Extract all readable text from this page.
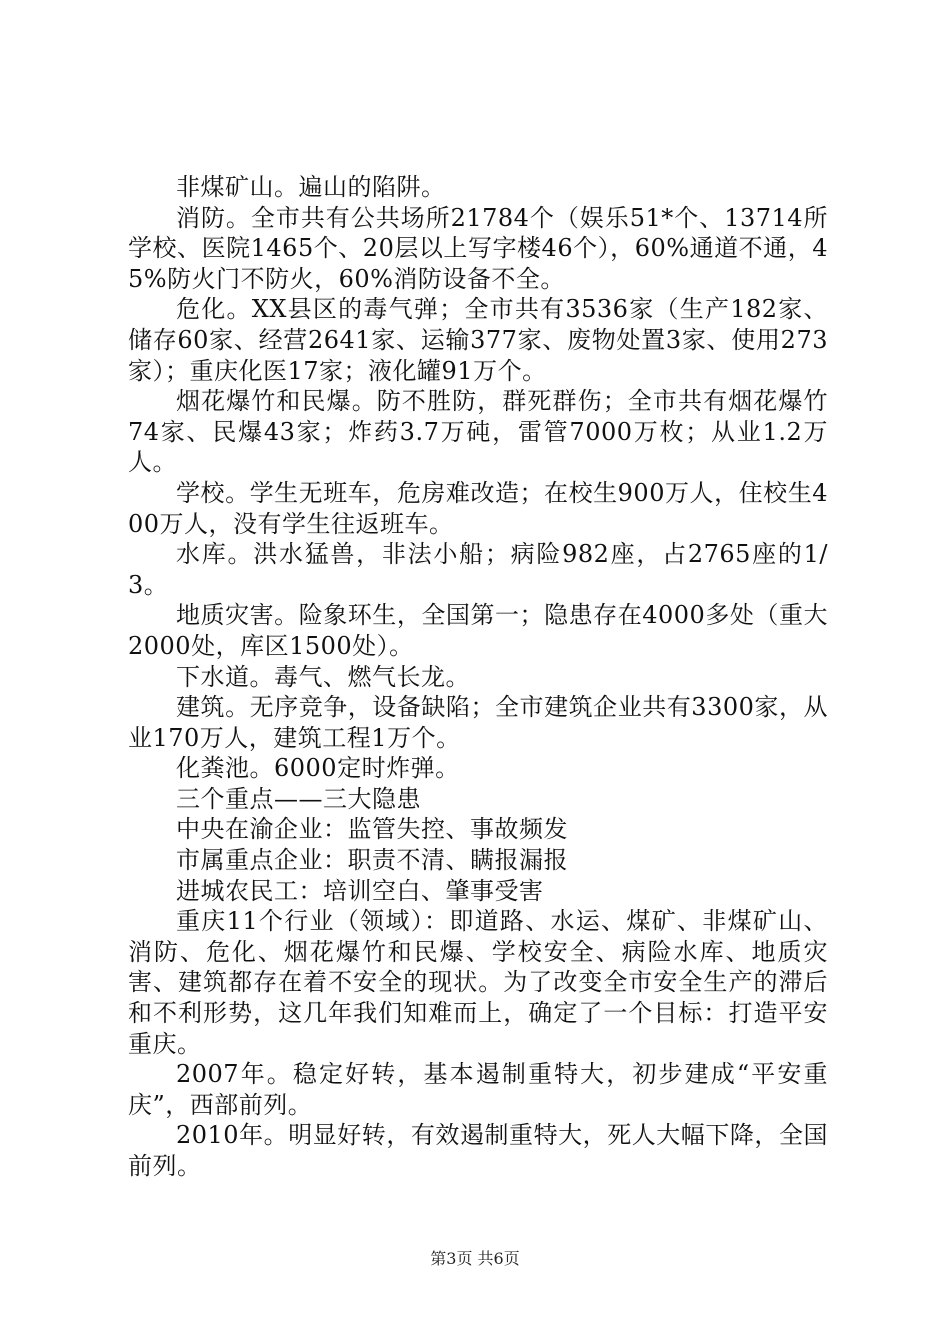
非煤矿山。遍山的陷阱。

消防。全市共有公共场所21784个（娱乐51*个、13714所学校、医院1465个、20层以上写字楼46个），60%通道不通，45%防火门不防火，60%消防设备不全。

危化。XX县区的毒气弹；全市共有3536家（生产182家、储存60家、经营2641家、运输377家、废物处置3家、使用273家）；重庆化医17家；液化罐91万个。

烟花爆竹和民爆。防不胜防，群死群伤；全市共有烟花爆竹74家、民爆43家；炸药3.7万砘，雷管7000万枚；从业1.2万人。

学校。学生无班车，危房难改造；在校生900万人，住校生400万人，没有学生往返班车。

水库。洪水猛兽，非法小船；病险982座，占2765座的1/3。

地质灾害。险象环生，全国第一；隐患存在4000多处（重大2000处，库区1500处）。

下水道。毒气、燃气长龙。

建筑。无序竞争，设备缺陷；全市建筑企业共有3300家，从业170万人，建筑工程1万个。

化粪池。6000定时炸弹。

三个重点——三大隐患

中央在渝企业：监管失控、事故频发

市属重点企业：职责不清、瞒报漏报

进城农民工：培训空白、肇事受害

重庆11个行业（领域）：即道路、水运、煤矿、非煤矿山、消防、危化、烟花爆竹和民爆、学校安全、病险水库、地质灾害、建筑都存在着不安全的现状。为了改变全市安全生产的滞后和不利形势，这几年我们知难而上，确定了一个目标：打造平安重庆。

2007年。稳定好转，基本遏制重特大，初步建成“平安重庆”，西部前列。

2010年。明显好转，有效遏制重特大，死人大幅下降，全国前列。

第3页 共6页
